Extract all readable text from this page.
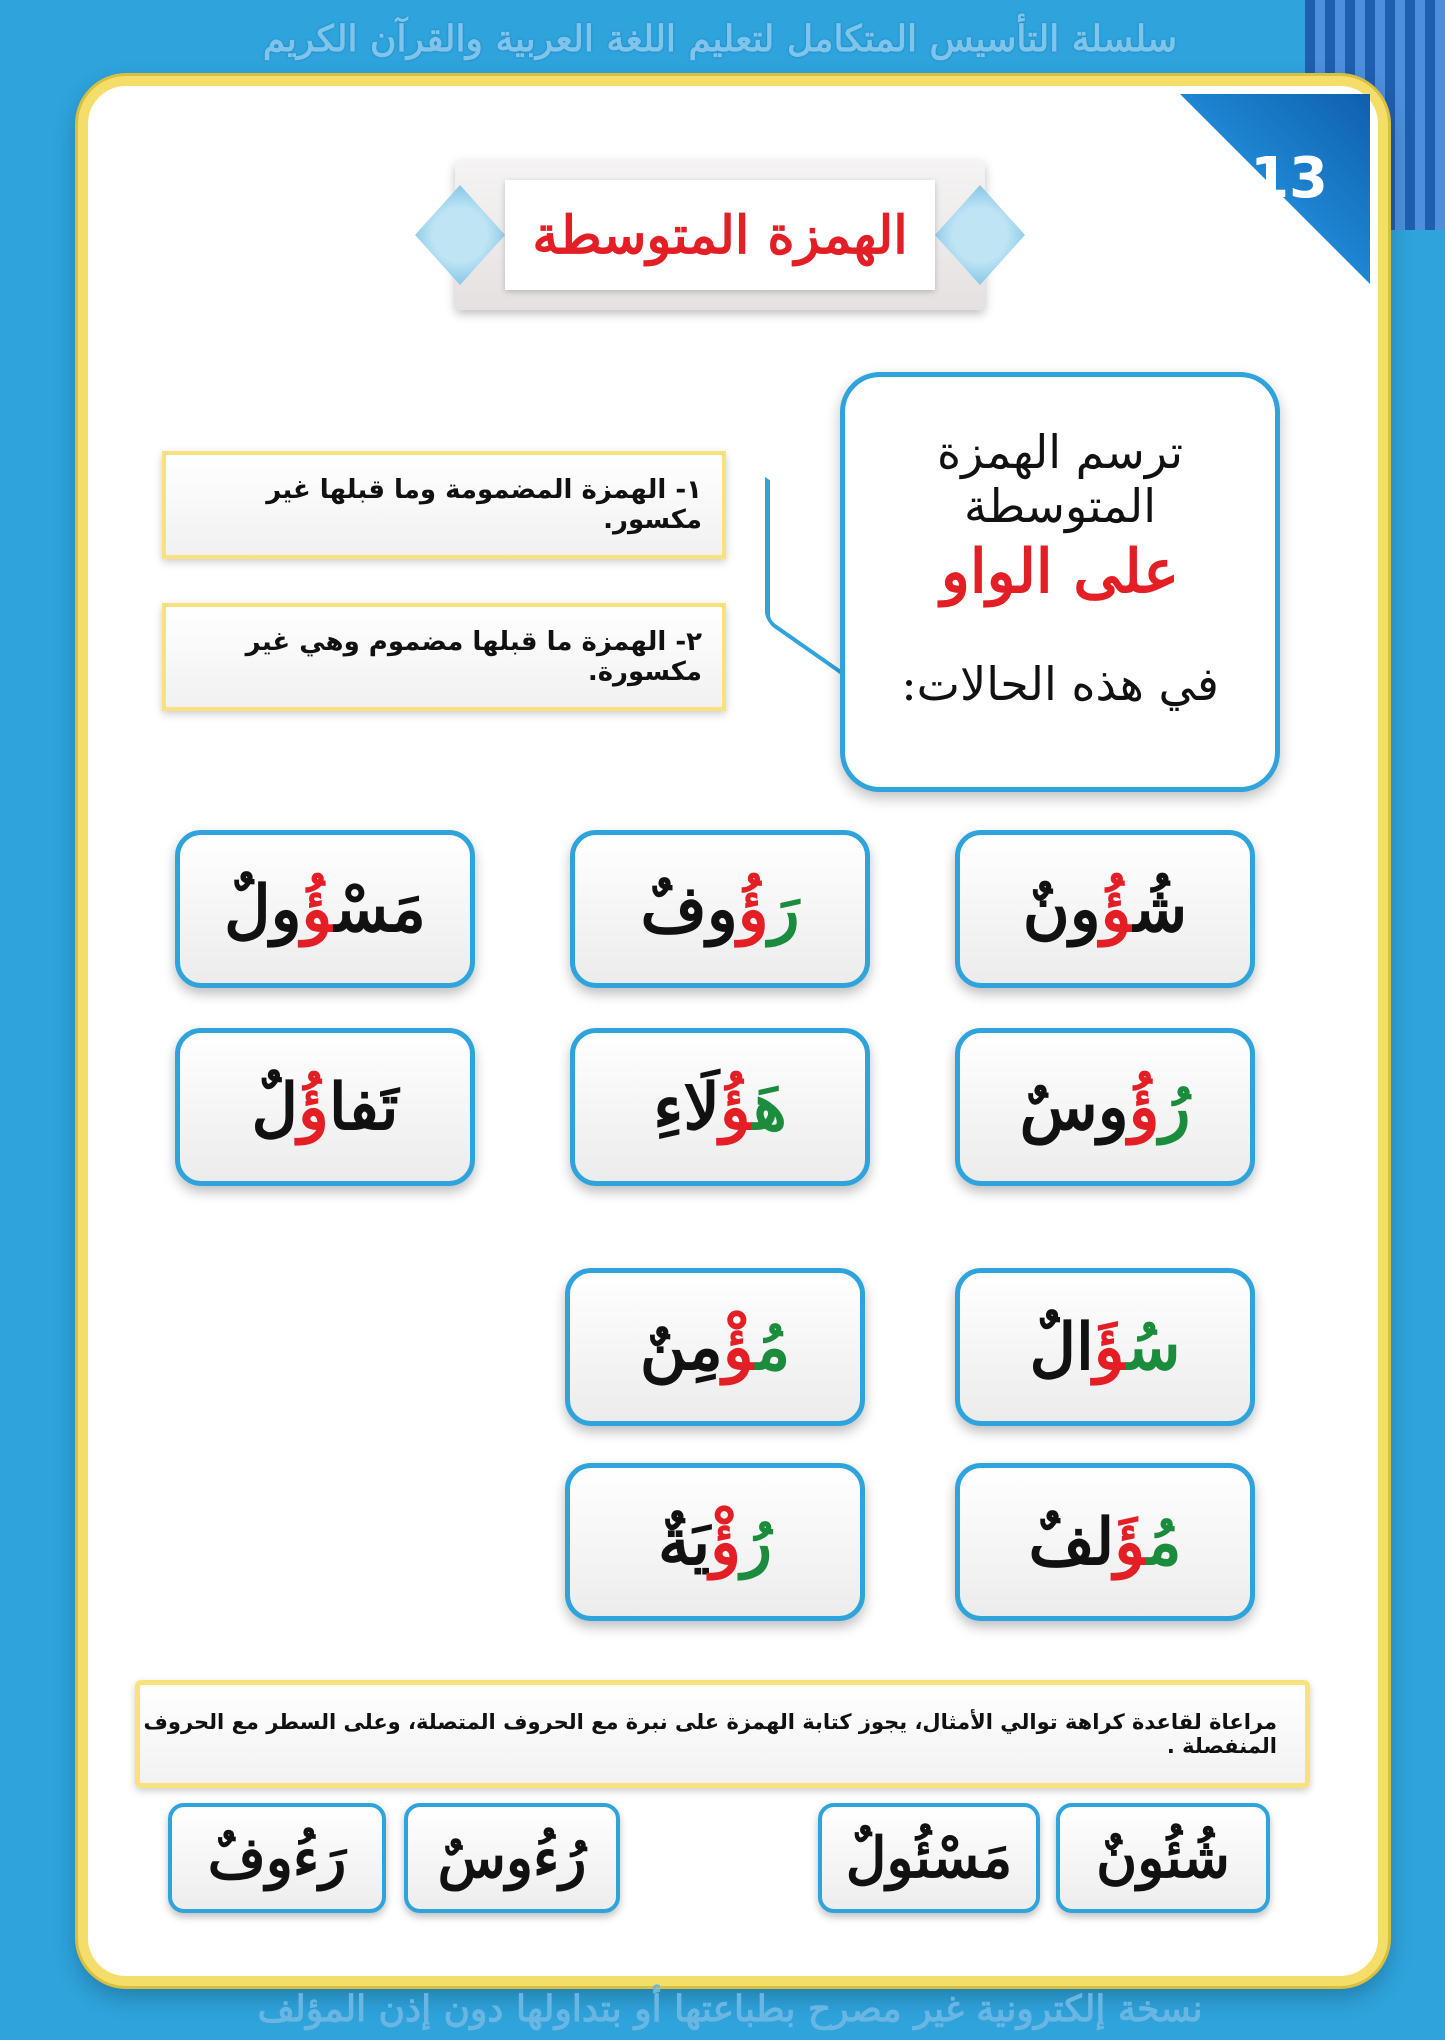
سلسلة التأسيس المتكامل لتعليم اللغة العربية والقرآن الكريم
13
الهمزة المتوسطة
ترسم الهمزة المتوسطة
على الواو
في هذه الحالات:
١- الهمزة المضمومة وما قبلها غير مكسور.
٢- الهمزة ما قبلها مضموم وهي غير مكسورة.
شُؤُونٌ
رَؤُوفٌ
مَسْؤُولٌ
رُؤُوسٌ
هَؤُلَاءِ
تَفاؤُلٌ
سُؤَالٌ
مُؤْمِنٌ
مُؤَلفٌ
رُؤْيَةٌ
مراعاة لقاعدة كراهة توالي الأمثال، يجوز كتابة الهمزة على نبرة مع الحروف المتصلة، وعلى السطر مع الحروف المنفصلة .
شُئُونٌ
مَسْئُولٌ
رُءُوسٌ
رَءُوفٌ
نسخة إلكترونية غير مصرح بطباعتها أو بتداولها دون إذن المؤلف
